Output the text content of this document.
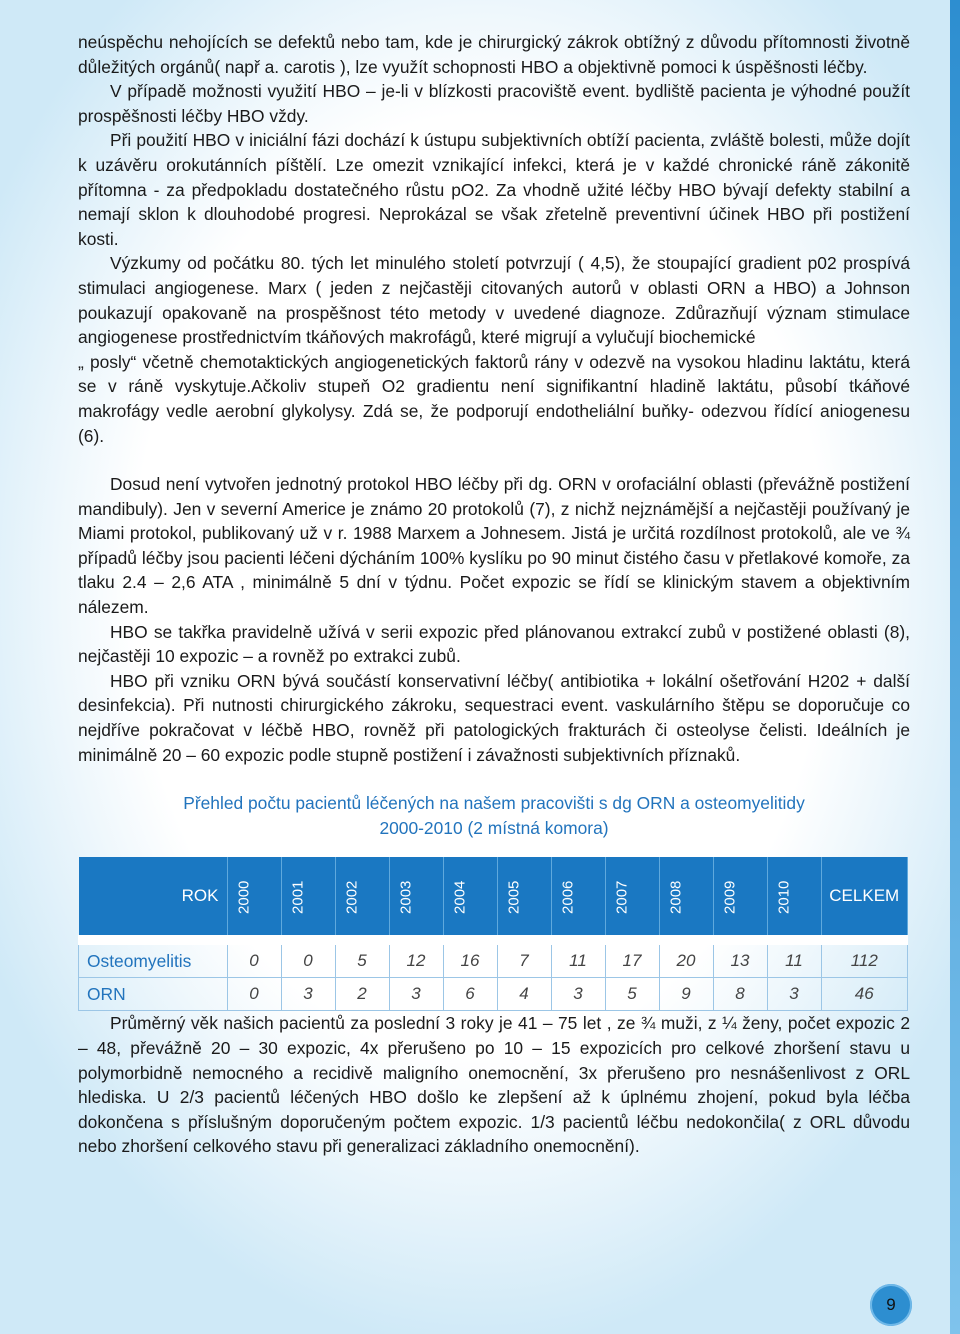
neúspěchu nehojících se defektů nebo tam, kde je chirurgický zákrok obtížný z důvodu přítomnosti životně důležitých orgánů( např a. carotis ), lze využít schopnosti HBO a objektivně pomoci k úspěšnosti léčby.

V případě možnosti využití HBO – je-li v blízkosti pracoviště event. bydliště pacienta je výhodné použít prospěšnosti léčby HBO vždy.

Při použití HBO v iniciální fázi dochází k ústupu subjektivních obtíží pacienta, zvláště bolesti, může dojít k uzávěru orokutánních píštělí. Lze omezit vznikající infekci, která je v každé chronické ráně zákonitě přítomna - za předpokladu dostatečného růstu pO2. Za vhodně užité léčby HBO bývají defekty stabilní a nemají sklon k dlouhodobé progresi. Neprokázal se však zřetelně preventivní účinek HBO při postižení kosti.

Výzkumy od počátku 80. tých let minulého století potvrzují ( 4,5), že stoupající gradient p02 prospívá stimulaci angiogenese. Marx ( jeden z nejčastěji citovaných autorů v oblasti ORN a HBO) a Johnson poukazují opakovaně na prospěšnost této metody v uvedené diagnoze. Zdůrazňují význam stimulace angiogenese prostřednictvím tkáňových makrofágů, které migrují a vylučují biochemické

„ posly“ včetně chemotaktických angiogenetických faktorů rány v odezvě na vysokou hladinu laktátu, která se v ráně vyskytuje.Ačkoliv stupeň O2 gradientu není signifikantní hladině laktátu, působí tkáňové makrofágy vedle aerobní glykolysy. Zdá se, že podporují endotheliální buňky- odezvou řídící aniogenesu (6).

Dosud není vytvořen jednotný protokol HBO léčby při dg. ORN v orofaciální oblasti (převážně postižení mandibuly). Jen v severní Americe je známo 20 protokolů (7), z nichž nejznámější a nejčastěji používaný je Miami protokol, publikovaný už v r. 1988 Marxem a Johnesem. Jistá je určitá rozdílnost protokolů, ale ve ¾ případů léčby jsou pacienti léčeni dýcháním 100% kyslíku po 90 minut čistého času v přetlakové komoře, za tlaku 2.4 – 2,6 ATA , minimálně 5 dní v týdnu. Počet expozic se řídí se klinickým stavem a objektivním nálezem.

HBO se takřka pravidelně užívá v serii expozic před plánovanou extrakcí zubů v postižené oblasti (8), nejčastěji 10 expozic – a rovněž po extrakci zubů.

HBO při vzniku ORN bývá součástí konservativní léčby( antibiotika + lokální ošetřování H202 + další desinfekcia). Při nutnosti chirurgického zákroku, sequestraci event. vaskulárního štěpu se doporučuje co nejdříve pokračovat v léčbě HBO, rovněž při patologických frakturách či osteolyse čelisti. Ideálních je minimálně 20 – 60 expozic podle stupně postižení i závažnosti subjektivních příznaků.

Přehled počtu pacientů léčených na našem pracovišti s dg ORN a osteomyelitidy
2000-2010 (2 místná komora)
ROK	2000	2001	2002	2003	2004	2005	2006	2007	2008	2009	2010	CELKEM
Osteomyelitis	0	0	5	12	16	7	11	17	20	13	11	112
ORN	0	3	2	3	6	4	3	5	9	8	3	46

Průměrný věk našich pacientů za poslední 3 roky je 41 – 75 let , ze ¾ muži, z ¼ ženy, počet expozic 2 – 48, převážně 20 – 30 expozic, 4x přerušeno po 10 – 15 expozicích pro celkové zhoršení stavu u polymorbidně nemocného a recidivě maligního onemocnění, 3x přerušeno pro nesnášenlivost z ORL hlediska. U 2/3 pacientů léčených HBO došlo ke zlepšení až k úplnému zhojení, pokud byla léčba dokončena s příslušným doporučeným počtem expozic. 1/3 pacientů léčbu nedokončila( z ORL důvodu nebo zhoršení celkového stavu při generalizaci základního onemocnění).

9
